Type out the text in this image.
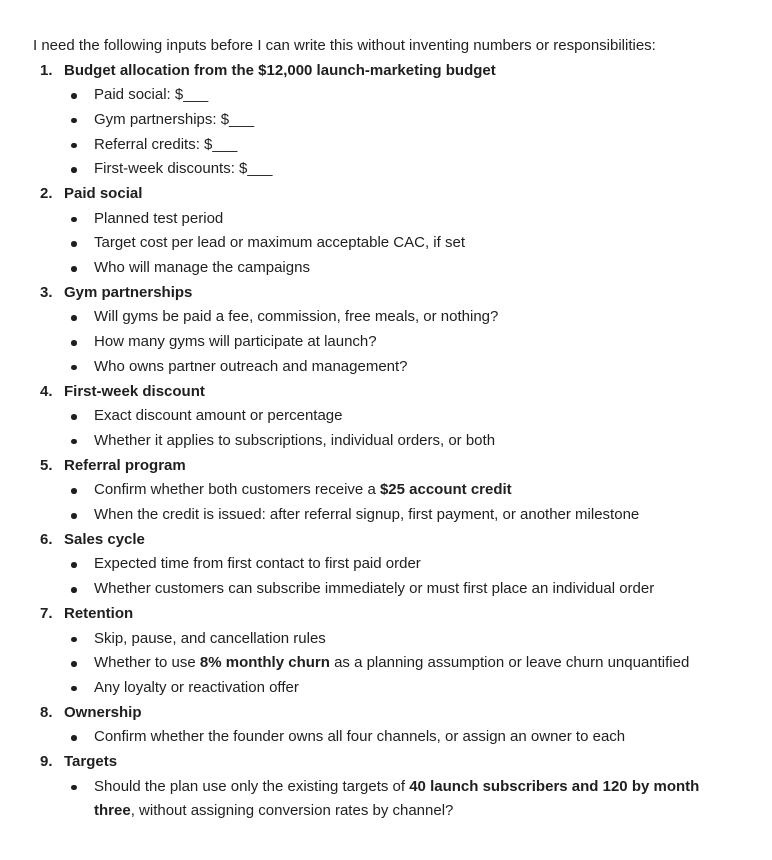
I need the following inputs before I can write this without inventing numbers or responsibilities:

1. Budget allocation from the $12,000 launch-marketing budget
Paid social: $___
Gym partnerships: $___
Referral credits: $___
First-week discounts: $___
2. Paid social
Planned test period
Target cost per lead or maximum acceptable CAC, if set
Who will manage the campaigns
3. Gym partnerships
Will gyms be paid a fee, commission, free meals, or nothing?
How many gyms will participate at launch?
Who owns partner outreach and management?
4. First-week discount
Exact discount amount or percentage
Whether it applies to subscriptions, individual orders, or both
5. Referral program
Confirm whether both customers receive a $25 account credit
When the credit is issued: after referral signup, first payment, or another milestone
6. Sales cycle
Expected time from first contact to first paid order
Whether customers can subscribe immediately or must first place an individual order
7. Retention
Skip, pause, and cancellation rules
Whether to use 8% monthly churn as a planning assumption or leave churn unquantified
Any loyalty or reactivation offer
8. Ownership
Confirm whether the founder owns all four channels, or assign an owner to each
9. Targets
Should the plan use only the existing targets of 40 launch subscribers and 120 by month three, without assigning conversion rates by channel?
